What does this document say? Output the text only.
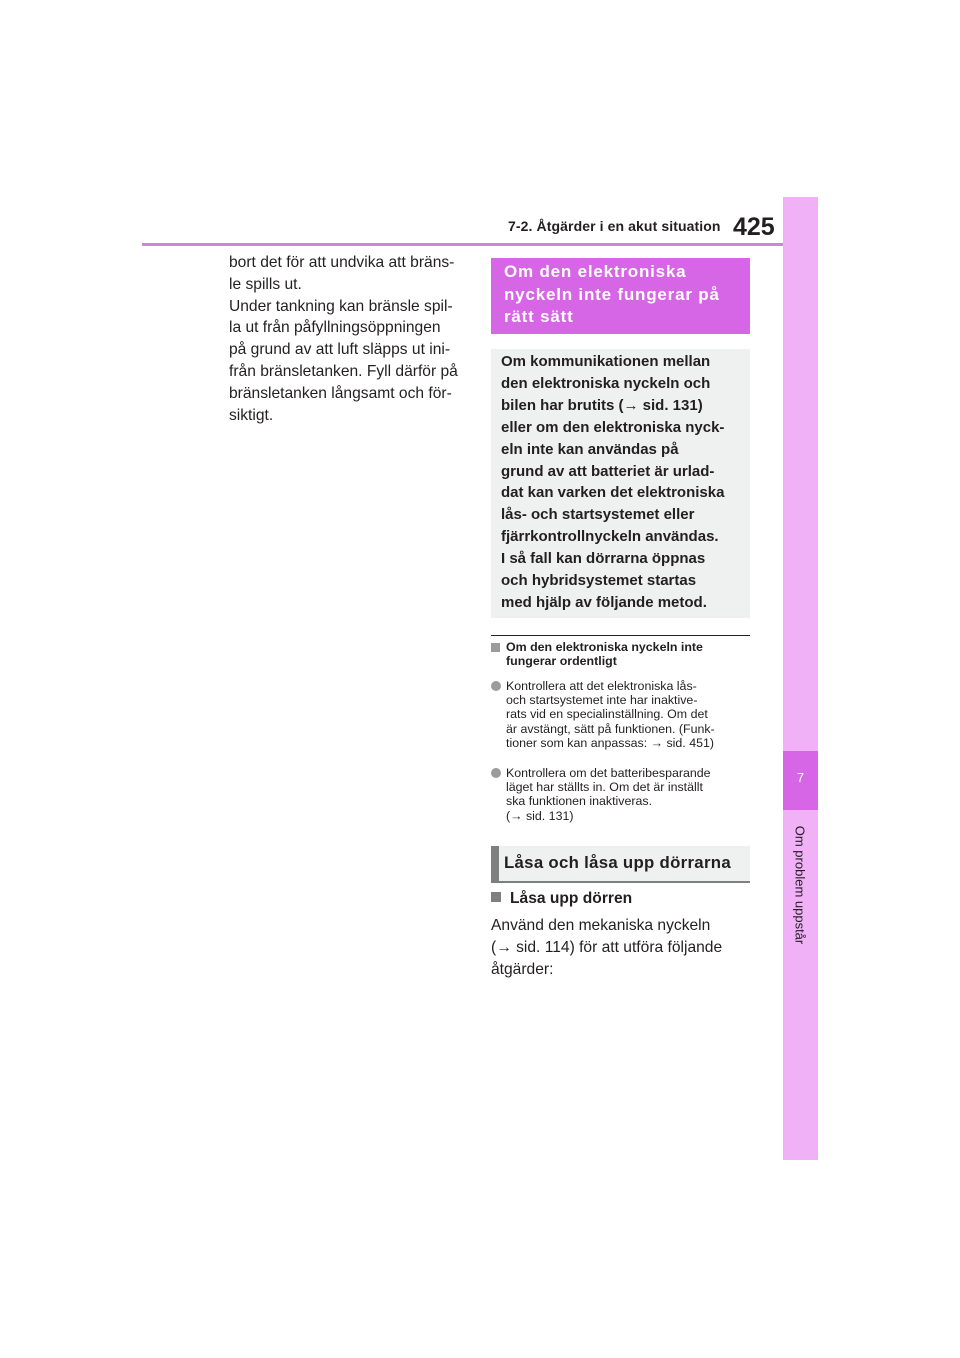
7-2. Åtgärder i en akut situation 425
7
Om problem uppstår
bort det för att undvika att bräns-
le spills ut.
Under tankning kan bränsle spil-
la ut från påfyllningsöppningen
på grund av att luft släpps ut ini-
från bränsletanken. Fyll därför på
bränsletanken långsamt och för-
siktigt.
Om den elektroniska
nyckeln inte fungerar på
rätt sätt
Om kommunikationen mellan
den elektroniska nyckeln och
bilen har brutits (→ sid. 131)
eller om den elektroniska nyck-
eln inte kan användas på
grund av att batteriet är urlad-
dat kan varken det elektroniska
lås- och startsystemet eller
fjärrkontrollnyckeln användas.
I så fall kan dörrarna öppnas
och hybridsystemet startas
med hjälp av följande metod.
Om den elektroniska nyckeln inte
fungerar ordentligt
Kontrollera att det elektroniska lås-
och startsystemet inte har inaktive-
rats vid en specialinställning. Om det
är avstängt, sätt på funktionen. (Funk-
tioner som kan anpassas: → sid. 451)
Kontrollera om det batteribesparande
läget har ställts in. Om det är inställt
ska funktionen inaktiveras.
(→ sid. 131)
Låsa och låsa upp dörrarna
Låsa upp dörren
Använd den mekaniska nyckeln
(→ sid. 114) för att utföra följande
åtgärder:
